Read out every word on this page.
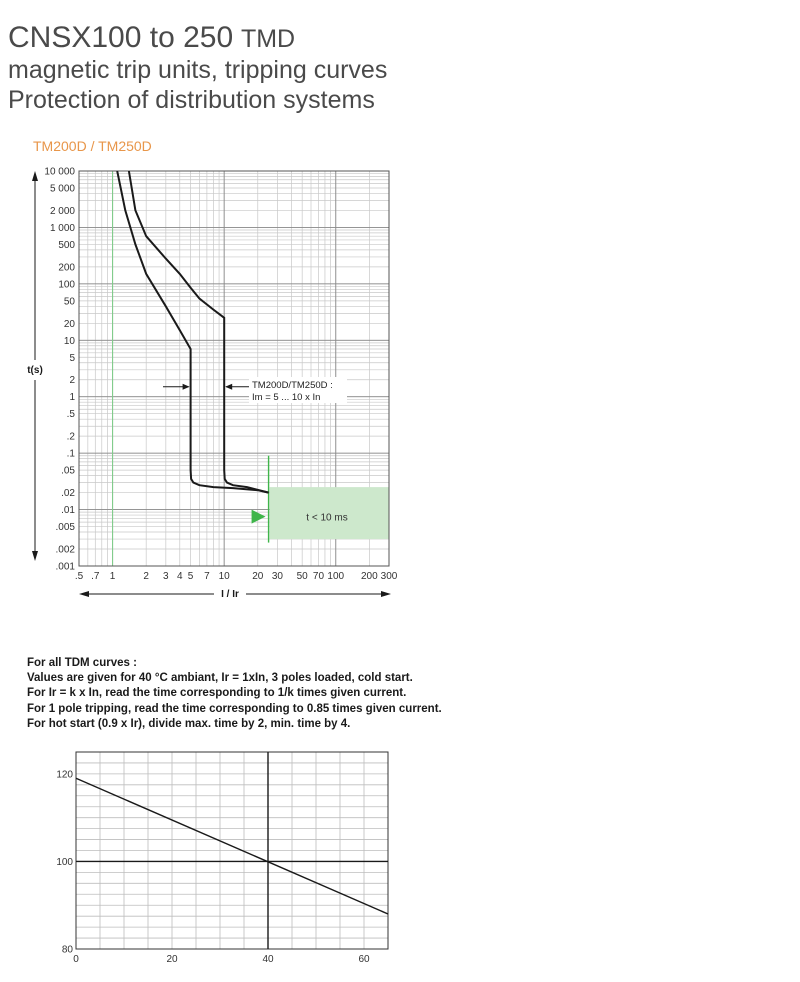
CNSX100 to 250 TMD
magnetic trip units, tripping curves
Protection of distribution systems
TM200D / TM250D
t < 10 ms
TM200D/TM250D :
Im = 5 ... 10 x In
10 000
5 000
2 000
1 000
500
200
100
50
20
10
5
2
1
.5
.2
.1
.05
.02
.01
.005
.002
.001
.5 .7 1	2 3 4 5 7 10 20 30 50 70 100 200 300
t(s)
I / Ir
0	20	40	60
80
100
120
For all TDM curves :
Values are given for 40 °C ambiant, Ir = 1xIn, 3 poles loaded, cold start.
For Ir = k x In, read the time corresponding to 1/k times given current.
For 1 pole tripping, read the time corresponding to 0.85 times given current.
For hot start (0.9 x Ir), divide max. time by 2, min. time by 4.
